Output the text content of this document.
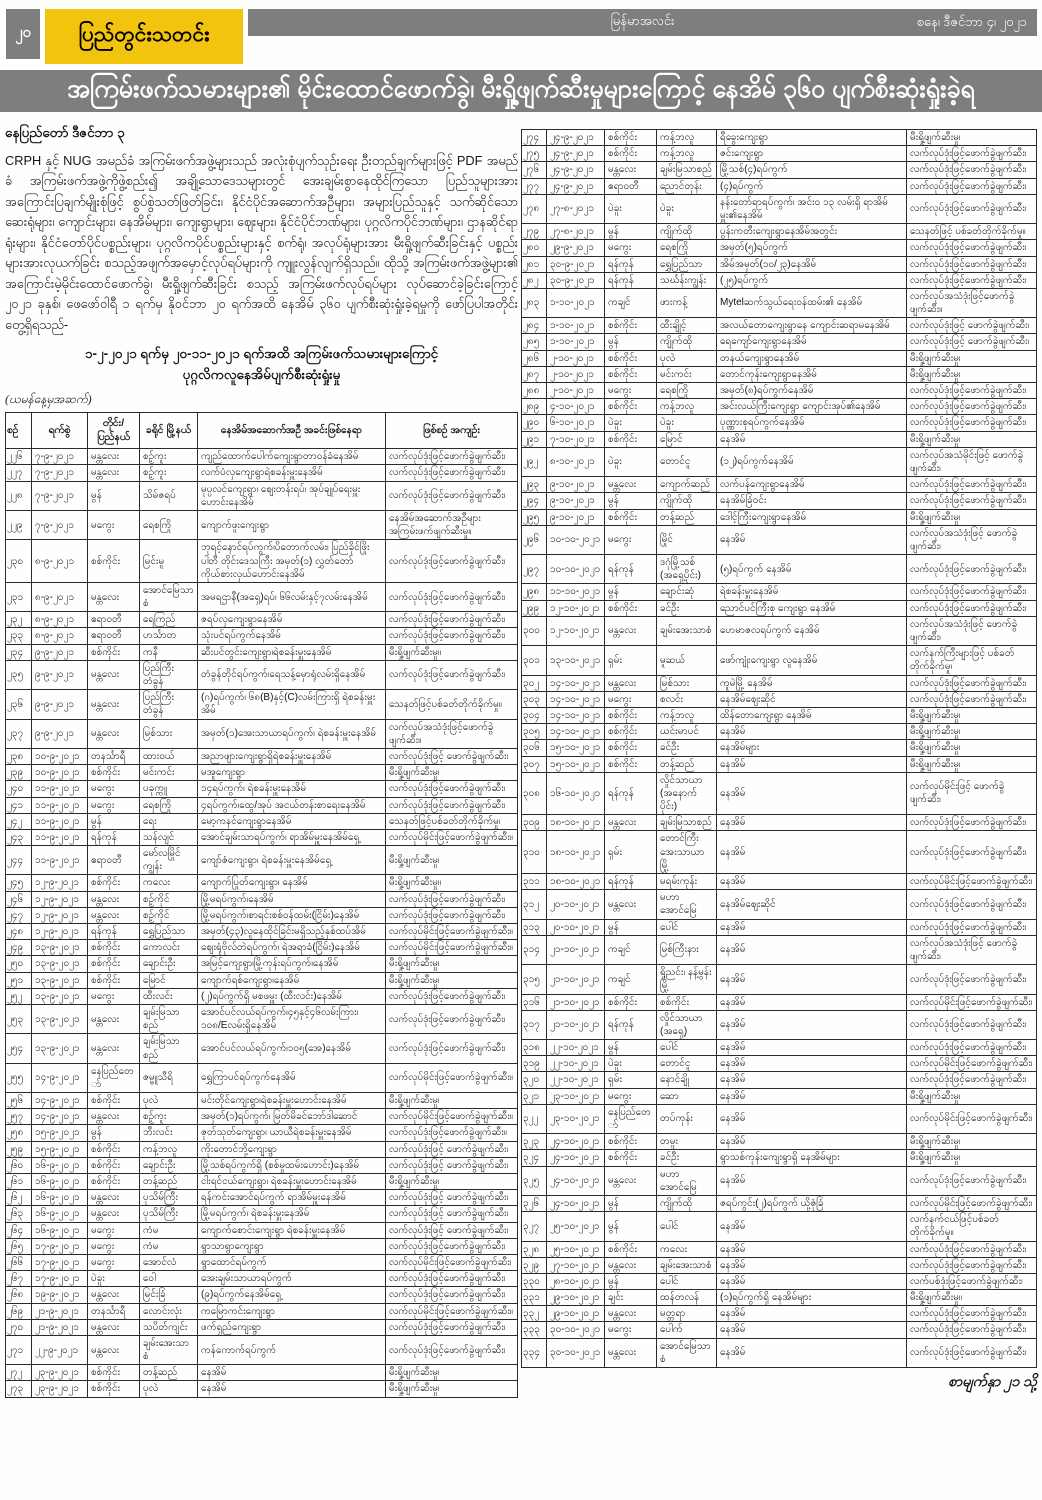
၂၀ ပြည်တွင်းသတင်း
မြန်မာအလင်း	စနေ၊ ဒီဇင်ဘာ ၄၊ ၂၀၂၁
အကြမ်းဖက်သမားများ၏ မိုင်းထောင်ဖောက်ခွဲ၊ မီးရှို့ဖျက်ဆီးမှုများကြောင့် နေအိမ် ၃၆၀ ပျက်စီးဆုံးရှုံးခဲ့ရ
နေပြည်တော် ဒီဇင်ဘာ ၃
CRPH နှင့် NUG အမည်ခံ အကြမ်းဖက်အဖွဲ့များသည် အလုံးစုံပျက်သုဉ်းရေး ဦးတည်ချက်များဖြင့် PDF အမည်ခံ အကြမ်းဖက်အဖွဲ့ကိုဖွဲ့စည်း၍ အချို့သောဒေသများတွင် အေးချမ်းစွာနေထိုင်ကြသော ပြည်သူများအား အကြောင်းပြချက်မျိုးစုံဖြင့် စွပ်စွဲသတ်ဖြတ်ခြင်း၊ နိုင်ငံပိုင်အဆောက်အဦများ၊ အများပြည်သူနှင့် သက်ဆိုင်သော ဆေးရုံများ၊ ကျောင်းများ၊ နေအိမ်များ၊ ကျေးရွာများ၊ ဈေးများ၊ နိုင်ငံပိုင်ဘဏ်များ၊ ပုဂ္ဂလိကပိုင်ဘဏ်များ၊ ဌာနဆိုင်ရာရုံးများ၊ နိုင်ငံတော်ပိုင်ပစ္စည်းများ၊ ပုဂ္ဂလိကပိုင်ပစ္စည်းများနှင့် စက်ရုံ၊ အလုပ်ရုံများအား မီးရှို့ဖျက်ဆီးခြင်းနှင့် ပစ္စည်းများအားလုယက်ခြင်း စသည့်အဖျက်အမှောင့်လုပ်ရပ်များကို ကျူးလွန်လျက်ရှိသည်။ ထိုသို့ အကြမ်းဖက်အဖွဲ့များ၏ အကြောင်းမဲ့မိုင်းထောင်ဖောက်ခွဲ၊ မီးရှို့ဖျက်ဆီးခြင်း စသည့် အကြမ်းဖက်လုပ်ရပ်များ လုပ်ဆောင်ခဲ့ခြင်းကြောင့် ၂၀၂၁ ခုနှစ်၊ ဖေဖော်ဝါရီ ၁ ရက်မှ နိုဝင်ဘာ ၂၀ ရက်အထိ နေအိမ် ၃၆၀ ပျက်စီးဆုံးရှုံးခဲ့ရမှုကို ဖော်ပြပါအတိုင်း တွေ့ရှိရသည်-
၁-၂-၂၀၂၁ ရက်မှ ၂၀-၁၁-၂၀၂၁ ရက်အထိ အကြမ်းဖက်သမားများကြောင့်
ပုဂ္ဂလိကလူနေအိမ်ပျက်စီးဆုံးရှုံးမှု
(ယမန်နေ့မှအဆက်)
စဉ်	ရက်စွဲ	တိုင်း/ ပြည်နယ်	ခရိုင် မြို့နယ်	နေအိမ်အဆောက်အဦ အခင်းဖြစ်နေရာ	ဖြစ်စဉ် အကျဉ်း
၂၂၆	၇-၉-၂၀၂၁	မန္တလေး	စဉ့်ကူး	ကျည်ထောက်ပေါက်ကျေးရွာတာဝန်ခံနေအိမ်	လက်လုပ်ဒုံးဖြင့်ဖောက်ခွဲဖျက်ဆီး၊
၂၂၇	၇-၉-၂၀၂၁	မန္တလေး	စဉ့်ကူး	လက်ပံလှကျေးရွာရဲစခန်းမှူးနေအိမ်	လက်လုပ်ဒုံးဖြင့်ဖောက်ခွဲဖျက်ဆီး၊
၂၂၈	၇-၉-၂၀၂၁	မွန်	သိမ်ဇရပ်	မုပ္ပလင်ကျေးရွာ၊ ဈေးတန်းရပ်၊ အုပ်ချုပ်ရေးမှူးဟောင်းနေအိမ်	လက်လုပ်ဒုံးဖြင့်ဖောက်ခွဲဖျက်ဆီး၊
၂၂၉	၇-၉-၂၀၂၁	မကွေး	ရေစကြို	ကျောက်ဖူးကျေးရွာ	နေအိမ်အဆောက်အဦများ အကြမ်းဖက်ဖျက်ဆီးမှု။
၂၃၀	၈-၉-၂၀၂၁	စစ်ကိုင်း	မြင်းမူ	ဘုရင့်နောင်ရပ်ကွက်၊ပိတောက်လမ်း၊ ပြည်ခိုင်ဖြိုးပါတီ တိုင်းဒေသကြီး အမှတ်(၁) လွှတ်တော်ကိုယ်စားလှယ်ဟောင်းနေအိမ်	လက်လုပ်ဒုံးဖြင့်ဖောက်ခွဲဖျက်ဆီး၊
၂၃၁	၈-၉-၂၀၂၁	မန္တလေး	အောင်မြေသာစံ	အမရဌာနီ(အရှေ့)ရပ်၊ ၆၆လမ်းနှင့်၇လမ်းနေအိမ်	လက်လုပ်ဒုံးဖြင့်ဖောက်ခွဲဖျက်ဆီး၊
၂၃၂	၈-၉-၂၀၂၁	ဧရာဝတီ	ရေကြည်	ဇရပ်လှကျေးရွာနေအိမ်	လက်လုပ်ဒုံးဖြင့်ဖောက်ခွဲဖျက်ဆီး၊
၂၃၃	၈-၉-၂၀၂၁	ဧရာဝတီ	ဟင်္သာတ	သုံးပင်ရပ်ကွက်နေအိမ်	လက်လုပ်ဒုံးဖြင့်ဖောက်ခွဲဖျက်ဆီး၊
၂၃၄	၉-၉-၂၀၂၁	စစ်ကိုင်း	ကနီ	ဆီးပင်တွင်းကျေးရွာ၊ရဲစခန်းမှူးနေအိမ်	မီးရှို့ဖျက်ဆီးမှု။
၂၃၅	၉-၉-၂၀၂၁	မန္တလေး	ပြည်ကြီးတံခွန်	တံခွန်တိုင်ရပ်ကွက်၊ရေသန့်မှောရုံလမ်းရှိနေအိမ်	လက်လုပ်ဒုံးဖြင့်ဖောက်ခွဲဖျက်ဆီး၊
၂၃၆	၉-၉-၂၀၂၁	မန္တလေး	ပြည်ကြီးတံခွန်	(ဂ)ရပ်ကွက်၊ ၆၈(B)နှင့်(C)လမ်းကြားရှိ ရဲစခန်းမှူးအိမ်	သေနတ်ဖြင့်ပစ်ခတ်တိုက်ခိုက်မှု။
၂၃၇	၉-၉-၂၀၂၁	မန္တလေး	မြစ်သား	အမှတ်(၁)အေးသာယာရပ်ကွက်၊ ရဲစခန်းမှူးနေအိမ်	လက်လုပ်အသံဒုံးဖြင့်ဖောက်ခွဲဖျက်ဆီး။
၂၃၈	၁၀-၉-၂၀၂၁	တနင်္သာရီ	ထားဝယ်	အညာဖျားကျေးရွာရှိရဲစခန်းမှူးနေအိမ်	လက်လုပ်ဒုံးဖြင့် ဖောက်ခွဲဖျက်ဆီး၊
၂၃၉	၁၀-၉-၂၀၂၁	စစ်ကိုင်း	မင်းကင်း	မအူကျေးရွာ	မီးရှို့ဖျက်ဆီးမှု၊
၂၄၀	၁၁-၉-၂၀၂၁	မကွေး	ပခုက္ကူ	၁၄ရပ်ကွက်၊ ရဲစခန်းမှူးနေအိမ်	လက်လုပ်ဒုံးဖြင့်ဖောက်ခွဲဖျက်ဆီး၊
၂၄၁	၁၁-၉-၂၀၂၁	မကွေး	ရေစကြို	၄ရပ်ကွက်၊ထွေ/အုပ် အငယ်တန်းစာရေးနေအိမ်	လက်လုပ်ဒုံးဖြင့်ဖောက်ခွဲဖျက်ဆီး၊
၂၄၂	၁၁-၉-၂၀၂၁	မွန်	ရေး	မော့ကနင်ကျေးရွာနေအိမ်	သေနတ်ဖြင့်ပစ်ခတ်တိုက်ခိုက်မှု၊
၂၄၃	၁၁-၉-၂၀၂၁	ရန်ကုန်	သန်လျင်	အောင်ချမ်းသာရပ်ကွက်၊ ရာအိမ်မှူးနေအိမ်ရှေ့	လက်လုပ်မိုင်းဖြင့်ဖောက်ခွဲဖျက်ဆီး။
၂၄၄	၁၁-၉-၂၀၂၁	ဧရာဝတီ	မော်လမြိုင်ကျွန်း	ကျော်ဇံကျေးရွာ၊ ရဲစခန်းမှူးနေအိမ်ရှေ့	မီးရှို့ဖျက်ဆီးမှု၊
၂၄၅	၁၂-၉-၂၀၂၁	စစ်ကိုင်း	ကလေး	ကျောက်ပြုတ်ကျေးရွာ၊ နေအိမ်	မီးရှို့ဖျက်ဆီးမှု။
၂၄၆	၁၂-၉-၂၀၂၁	မန္တလေး	စဉ့်ကိုင်	မြို့မရပ်ကွက်၊နေအိမ်	လက်လုပ်ဒုံးဖြင့်ဖောက်ခွဲဖျက်ဆီး၊
၂၄၇	၁၂-၉-၂၀၂၁	မန္တလေး	စဉ့်ကိုင်	မြို့မရပ်ကွက်၊စာရင်းစစ်ဝန်ထမ်း(ငြိမ်း)နေအိမ်	လက်လုပ်ဒုံးဖြင့်ဖောက်ခွဲဖျက်ဆီး၊
၂၄၈	၁၂-၉-၂၀၂၁	ရန်ကုန်	ရွှေပြည်သာ	အမှတ်(၄၃)လူနေထိုင်ခြင်းမရှိသည့်နှစ်ထပ်အိမ်	လက်လုပ်မိုင်းဖြင့်ဖောက်ခွဲဖျက်ဆီး။
၂၄၉	၁၃-၉-၂၀၂၁	စစ်ကိုင်း	ကောလင်း	ဈေးရုံဗိုလ်တဲရပ်ကွက်၊ ရဲအရာခံ(ငြိမ်း)နေအိမ်	လက်လုပ်မိုင်းဖြင့်ဖောက်ခွဲဖျက်ဆီး။
၂၅၀	၁၃-၉-၂၀၂၁	စစ်ကိုင်း	ချောင်းဦး	အမြင့်ကျေးရွာ၊မြို့ကုန်းရပ်ကွက်၊နေအိမ်	မီးရှို့ဖျက်ဆီးမှု၊
၂၅၁	၁၃-၉-၂၀၂၁	စစ်ကိုင်း	မြောင်	ကျောက်ရစ်ကျေးရွာ၊နေအိမ်	မီးရှို့ဖျက်ဆီးမှု၊
၂၅၂	၁၃-၉-၂၀၂၁	မကွေး	ထီးလင်း	(၂)ရပ်ကွက်ရှိ မစဖမှူး (ထီးလင်း)နေအိမ်	လက်လုပ်ဒုံးဖြင့်ဖောက်ခွဲဖျက်ဆီး၊
၂၅၃	၁၃-၉-၂၀၂၁	မန္တလေး	ချမ်းမြသာစည်	အောင်ပင်လယ်ရပ်ကွက်၊၄၅နှင့်၄၆လမ်းကြား၊ ၁၀၈/Eလမ်းရှိနေအိမ်	လက်လုပ်ဒုံးဖြင့်ဖောက်ခွဲဖျက်ဆီး၊
၂၅၄	၁၃-၉-၂၀၂၁	မန္တလေး	ချမ်းမြသာစည်	အောင်ပင်လယ်ရပ်ကွက်၊၁၀၅(အေ)နေအိမ်	လက်လုပ်ဒုံးဖြင့်ဖောက်ခွဲဖျက်ဆီး၊
၂၅၅	၁၄-၉-၂၀၂၁	နေပြည်တော်	ဇမ္ဗူသီရိ	ရွှေကြာပင်ရပ်ကွက်နေအိမ်	လက်လုပ်မိုင်းဖြင့်ဖောက်ခွဲဖျက်ဆီး။
၂၅၆	၁၄-၉-၂၀၂၁	စစ်ကိုင်း	ပုလဲ	မင်းတိုင်ကျေးရွာ၊ရဲစခန်းမှူးဟောင်းနေအိမ်	မီးရှို့ဖျက်ဆီးမှု၊
၂၅၇	၁၄-၉-၂၀၂၁	မန္တလေး	စဉ့်ကူး	အမှတ်(၁)ရပ်ကွက်၊ မြတ်မိခင်ဘော်ဒါဆောင်	လက်လုပ်မိုင်းဖြင့်ဖောက်ခွဲဖျက်ဆီး။
၂၅၈	၁၅-၉-၂၀၂၁	မွန်	ဘီးလင်း	ဇုတ်သုတ်ကျေးရွာ၊ ယာယီရဲစခန်းမှူးနေအိမ်	လက်လုပ်ဒုံးဖြင့်ဖောက်ခွဲဖျက်ဆီး။
၂၅၉	၁၅-၉-၂၀၂၁	စစ်ကိုင်း	ကန့်ဘလူ	ကိုးတောင်ဘို့ကျေးရွာ	လက်လုပ်ဒုံးဖြင့် ဖောက်ခွဲဖျက်ဆီး၊
၂၆၀	၁၆-၉-၂၀၂၁	စစ်ကိုင်း	ချောင်းဦး	မြို့သစ်ရပ်ကွက်ရှိ (စစ်မှုထမ်းဟောင်း)နေအိမ်	လက်လုပ်ဒုံးဖြင့် ဖောက်ခွဲဖျက်ဆီး၊
၂၆၁	၁၆-၉-၂၀၂၁	စစ်ကိုင်း	တန့်ဆည်	ငါးရင်ငယ်ကျေးရွာ၊ ရဲစခန်းမှူးဟောင်းနေအိမ်	မီးရှို့ဖျက်ဆီးမှု၊
၂၆၂	၁၆-၉-၂၀၂၁	မန္တလေး	ပုသိမ်ကြီး	ရန်ကင်းအောင်ရပ်ကွက် ရာအိမ်မှူးနေအိမ်	လက်လုပ်ဒုံးဖြင့် ဖောက်ခွဲဖျက်ဆီး၊
၂၆၃	၁၆-၉-၂၀၂၁	မန္တလေး	ပုသိမ်ကြီး	မြို့မရပ်ကွက်၊ ရဲစခန်းမှူးနေအိမ်	လက်လုပ်ဒုံးဖြင့် ဖောက်ခွဲဖျက်ဆီး၊
၂၆၄	၁၆-၉-၂၀၂၁	မကွေး	ကံမ	ကျောက်စောင်းကျေးရွာ ရဲစခန်းမှူးနေအိမ်	လက်လုပ်ဒုံးဖြင့် ဖောက်ခွဲဖျက်ဆီး၊
၂၆၅	၁၇-၉-၂၀၂၁	မကွေး	ကံမ	ရွာသာရွာကျေးရွာ	လက်လုပ်ဒုံးဖြင့်ဖောက်ခွဲဖျက်ဆီး၊
၂၆၆	၁၇-၉-၂၀၂၁	မကွေး	အောင်လံ	ရွာထောင်ရပ်ကွက်	လက်လုပ်မိုင်းဖြင့်ဖောက်ခွဲဖျက်ဆီး၊
၂၆၇	၁၇-၉-၂၀၂၁	ပဲခူး	ဝေါ	အေးချမ်းသာယာရပ်ကွက်	လက်လုပ်ဒုံးဖြင့်ဖောက်ခွဲဖျက်ဆီး၊
၂၆၈	၁၉-၉-၂၀၂၁	မန္တလေး	မြင်းခြံ	(၉)ရပ်ကွက်နေအိမ်ရှေ့	လက်လုပ်ဒုံးဖြင့်ဖောက်ခွဲဖျက်ဆီး၊
၂၆၉	၂၁-၉-၂၀၂၁	တနင်္သာရီ	လောင်းလုံး	ကမြောကင်းကျေးရွာ	လက်လုပ်မိုင်းဖြင့်ဖောက်ခွဲဖျက်ဆီး။
၂၇၀	၂၁-၉-၂၀၂၁	မန္တလေး	သပိတ်ကျင်း	ဖက်ရှည်ကျေးရွာ	လက်လုပ်ဒုံးဖြင့်ဖောက်ခွဲဖျက်ဆီး၊
၂၇၁	၂၂-၉-၂၀၂၁	မန္တလေး	ချမ်းအေးသာစံ	ကန်ကောက်ရပ်ကွက်	လက်လုပ်ဒုံးဖြင့်ဖောက်ခွဲဖျက်ဆီး၊
၂၇၂	၂၃-၉-၂၀၂၁	စစ်ကိုင်း	တန့်ဆည်	နေအိမ်	မီးရှို့ဖျက်ဆီးမှု၊
၂၇၃	၂၃-၉-၂၀၂၁	စစ်ကိုင်း	ပုလဲ	နေအိမ်	မီးရှို့ဖျက်ဆီးမှု၊
၂၇၄	၂၄-၉-၂၀၂၁	စစ်ကိုင်း	ကန့်ဘလူ	ရီခွေးကျေးရွာ	မီးရှို့ဖျက်ဆီးမှု၊
၂၇၅	၂၄-၉-၂၀၂၁	စစ်ကိုင်း	ကန့်ဘလူ	ဇင်းကျေးရွာ	လက်လုပ်ဒုံးဖြင့်ဖောက်ခွဲဖျက်ဆီး၊
၂၇၆	၂၄-၉-၂၀၂၁	မန္တလေး	ချမ်းမြသာစည်	မြို့သစ်(၄)ရပ်ကွက်	လက်လုပ်ဒုံးဖြင့်ဖောက်ခွဲဖျက်ဆီး၊
၂၇၇	၂၄-၉-၂၀၂၁	ဧရာဝတီ	ညောင်တုန်း	(၄)ရပ်ကွက်	လက်လုပ်ဒုံးဖြင့်ဖောက်ခွဲဖျက်ဆီး၊
၂၇၈	၂၇-၈-၂၀၂၁	ပဲခူး	ပဲခူး	နန်းတော်ရာရပ်ကွက်၊ အင်းဝ ၁၃ လမ်းရှိ ရာအိမ်မှူး၏နေအိမ်	လက်လုပ်ဒုံးဖြင့်ဖောက်ခွဲဖျက်ဆီး၊
၂၇၉	၂၇-၈-၂၀၂၁	မွန်	ကျိုက်ထို	ပွန်းကတီးကျေးရွာနေအိမ်အတွင်း	သေနတ်ဖြင့် ပစ်ခတ်တိုက်ခိုက်မှု။
၂၈၀	၂၉-၉-၂၀၂၁	မကွေး	ရေစကြို	အမှတ်(၅)ရပ်ကွက်	လက်လုပ်ဒုံးဖြင့်ဖောက်ခွဲဖျက်ဆီး၊
၂၈၁	၃၀-၉-၂၀၂၁	ရန်ကုန်	ရွှေပြည်သာ	အိမ်အမှတ်(၁၀/၂၃)နေအိမ်	လက်လုပ်ဒုံးဖြင့်ဖောက်ခွဲဖျက်ဆီး၊
၂၈၂	၃၀-၉-၂၀၂၁	ရန်ကုန်	သင်္ဃန်းကျွန်း	(၂၅)ရပ်ကွက်	လက်လုပ်ဒုံးဖြင့်ဖောက်ခွဲဖျက်ဆီး၊
၂၈၃	၁-၁၀-၂၀၂၁	ကချင်	ဖားကန့်	Mytelဆက်သွယ်ရေးဝန်ထမ်း၏ နေအိမ်	လက်လုပ်အသံဒုံးဖြင့်ဖောက်ခွဲဖျက်ဆီး။
၂၈၄	၁-၁၀-၂၀၂၁	စစ်ကိုင်း	ထီးချိုင့်	အလယ်တောကျေးရွာနေ ကျောင်းဆရာမနေအိမ်	လက်လုပ်ဒုံးဖြင့် ဖောက်ခွဲဖျက်ဆီး၊
၂၈၅	၁-၁၀-၂၀၂၁	မွန်	ကျိုက်ထို	ရေကျော်ကျေးရွာနေအိမ်	လက်လုပ်ဒုံးဖြင့် ဖောက်ခွဲဖျက်ဆီး၊
၂၈၆	၂-၁၀-၂၀၂၁	စစ်ကိုင်း	ပုလဲ	တနယ်ကျေးရွာနေအိမ်	မီးရှို့ဖျက်ဆီးမှု၊
၂၈၇	၂-၁၀-၂၀၂၁	စစ်ကိုင်း	မင်းကင်း	တောင်ကုန်းကျေးရွာနေအိမ်	မီးရှို့ဖျက်ဆီးမှု၊
၂၈၈	၂-၁၀-၂၀၂၁	မကွေး	ရေစကြို	အမှတ်(၈)ရပ်ကွက်နေအိမ်	လက်လုပ်ဒုံးဖြင့်ဖောက်ခွဲဖျက်ဆီး၊
၂၈၉	၄-၁၀-၂၀၂၁	စစ်ကိုင်း	ကန့်ဘလူ	အင်းလယ်ကြီးကျေးရွာ ကျောင်းအုပ်၏နေအိမ်	လက်လုပ်ဒုံးဖြင့်ဖောက်ခွဲဖျက်ဆီး၊
၂၉၀	၆-၁၀-၂၀၂၁	ပဲခူး	ပဲခူး	ပုဏ္ဏားစုရပ်ကွက်နေအိမ်	လက်လုပ်ဒုံးဖြင့်ဖောက်ခွဲဖျက်ဆီး၊
၂၉၁	၇-၁၀-၂၀၂၁	စစ်ကိုင်း	မြောင်	နေအိမ်	မီးရှို့ဖျက်ဆီးမှု၊
၂၉၂	၈-၁၀-၂၀၂၁	ပဲခူး	တောင်ငူ	(၁၂)ရပ်ကွက်နေအိမ်	လက်လုပ်အသံမိုင်းဖြင့် ဖောက်ခွဲဖျက်ဆီး၊
၂၉၃	၉-၁၀-၂၀၂၁	မန္တလေး	ကျောက်ဆည်	လက်ပန်ကျေးရွာနေအိမ်	လက်လုပ်ဒုံးဖြင့်ဖောက်ခွဲဖျက်ဆီး၊
၂၉၄	၉-၁၀-၂၀၂၁	မွန်	ကျိုက်ထို	နေအိမ်ခြံဝင်း	လက်လုပ်ဒုံးဖြင့်ဖောက်ခွဲဖျက်ဆီး၊
၂၉၅	၉-၁၀-၂၀၂၁	စစ်ကိုင်း	တန့်ဆည်	ဒေါင့်ကြီးကျေးရွာနေအိမ်	မီးရှို့ဖျက်ဆီးမှု၊
၂၉၆	၁၀-၁၀-၂၀၂၁	မကွေး	မြိုင်	နေအိမ်	လက်လုပ်အသံဒုံးဖြင့် ဖောက်ခွဲဖျက်ဆီး၊
၂၉၇	၁၀-၁၀-၂၀၂၁	ရန်ကုန်	ဒဂုံမြို့သစ် (အရှေ့ပိုင်း)	(၅)ရပ်ကွက် နေအိမ်	လက်လုပ်ဒုံးဖြင့်ဖောက်ခွဲဖျက်ဆီး၊
၂၉၈	၁၁-၁၀-၂၀၂၁	မွန်	ချောင်းဆုံ	ရဲစခန်းမှူးနေအိမ်	လက်လုပ်ဒုံးဖြင့်ဖောက်ခွဲဖျက်ဆီး၊
၂၉၉	၁၂-၁၀-၂၀၂၁	စစ်ကိုင်း	ခင်ဦး	ညောင်ပင်ကြီးစု ကျေးရွာ နေအိမ်	လက်လုပ်ဒုံးဖြင့်ဖောက်ခွဲဖျက်ဆီး၊
၃၀၀	၁၂-၁၀-၂၀၂၁	မန္တလေး	ချမ်းအေးသာစံ	ဟေမာဇလရပ်ကွက် နေအိမ်	လက်လုပ်အသံဒုံးဖြင့် ဖောက်ခွဲဖျက်ဆီး၊
၃၀၁	၁၃-၁၀-၂၀၂၁	ရှမ်း	မူဆယ်	ဖော်ကျုံးကျေးရွာ လူနေအိမ်	လက်နက်ကြီးများဖြင့် ပစ်ခတ်တိုက်ခိုက်မှု၊
၃၀၂	၁၄-၁၀-၂၀၂၁	မန္တလေး	မြစ်သား	ကူမဲမြို့ နေအိမ်	လက်လုပ်ဒုံးဖြင့်ဖောက်ခွဲဖျက်ဆီး၊
၃၀၃	၁၄-၁၀-၂၀၂၁	မကွေး	စလင်း	နေအိမ်ဈေးဆိုင်	လက်လုပ်ဒုံးဖြင့်ဖောက်ခွဲဖျက်ဆီး၊
၃၀၄	၁၄-၁၀-၂၀၂၁	စစ်ကိုင်း	ကန့်ဘလူ	ထိန်တောကျေးရွာ နေအိမ်	မီးရှို့ဖျက်ဆီးမှု၊
၃၀၅	၁၄-၁၀-၂၀၂၁	စစ်ကိုင်း	ယင်းမာပင်	နေအိမ်	မီးရှို့ဖျက်ဆီးမှု၊
၃၀၆	၁၅-၁၀-၂၀၂၁	စစ်ကိုင်း	ခင်ဦး	နေအိမ်များ	မီးရှို့ဖျက်ဆီးမှု၊
၃၀၇	၁၅-၁၀-၂၀၂၁	စစ်ကိုင်း	တန့်ဆည်	နေအိမ်	မီးရှို့ဖျက်ဆီးမှု၊
၃၀၈	၁၆-၁၀-၂၀၂၁	ရန်ကုန်	လှိုင်သာယာ (အနောက်ပိုင်း)	နေအိမ်	လက်လုပ်မိုင်းဖြင့် ဖောက်ခွဲဖျက်ဆီး၊
၃၀၉	၁၈-၁၀-၂၀၂၁	မန္တလေး	ချမ်းမြသာစည်	နေအိမ်	လက်လုပ်ဒုံးဖြင့်ဖောက်ခွဲဖျက်ဆီး၊
၃၁၀	၁၈-၁၀-၂၀၂၁	ရှမ်း	တောင်ကြီး အေးသာယာမြို့	နေအိမ်	လက်လုပ်ဒုံးဖြင့်ဖောက်ခွဲဖျက်ဆီး၊
၃၁၁	၁၈-၁၀-၂၀၂၁	ရန်ကုန်	မရမ်းကုန်း	နေအိမ်	လက်လုပ်မိုင်းဖြင့်ဖောက်ခွဲဖျက်ဆီး၊
၃၁၂	၂၀-၁၀-၂၀၂၁	မန္တလေး	မဟာအောင်မြေ	နေအိမ်ဈေးဆိုင်	လက်လုပ်ဒုံးဖြင့်ဖောက်ခွဲဖျက်ဆီး၊
၃၁၃	၂၀-၁၀-၂၀၂၁	မွန်	ပေါင်	နေအိမ်	လက်လုပ်ဒုံးဖြင့်ဖောက်ခွဲဖျက်ဆီး၊
၃၁၄	၂၁-၁၀-၂၀၂၁	ကချင်	မြစ်ကြီးနား	နေအိမ်	လက်လုပ်အသံဒုံးဖြင့် ဖောက်ခွဲဖျက်ဆီး၊
၃၁၅	၂၁-၁၀-၂၀၂၁	ကချင်	ရှိုညင်း၊ နန့်မွန်းမြို့	နေအိမ်	လက်လုပ်ဒုံးဖြင့်ဖောက်ခွဲဖျက်ဆီး၊
၃၁၆	၂၁-၁၀-၂၀၂၁	စစ်ကိုင်း	စစ်ကိုင်း	နေအိမ်	လက်လုပ်မိုင်းဖြင့်ဖောက်ခွဲဖျက်ဆီး၊
၃၁၇	၂၁-၁၀-၂၀၂၁	ရန်ကုန်	လှိုင်သာယာ (အရှေ့)	နေအိမ်	လက်လုပ်ဒုံးဖြင့်ဖောက်ခွဲဖျက်ဆီး၊
၃၁၈	၂၂-၁၀-၂၀၂၁	မွန်	ပေါင်	နေအိမ်	လက်လုပ်ဒုံးဖြင့်ဖောက်ခွဲဖျက်ဆီး၊
၃၁၉	၂၂-၁၀-၂၀၂၁	ပဲခူး	တောင်ငူ	နေအိမ်	လက်လုပ်မိုင်းဖြင့်ဖောက်ခွဲဖျက်ဆီး၊
၃၂၀	၂၂-၁၀-၂၀၂၁	ရှမ်း	နောင်ချို	နေအိမ်	လက်လုပ်ဒုံးဖြင့်ဖောက်ခွဲဖျက်ဆီး၊
၃၂၁	၂၃-၁၀-၂၀၂၁	မကွေး	ဆော	နေအိမ်	မီးရှို့ဖျက်ဆီးမှု၊
၃၂၂	၂၃-၁၀-၂၀၂၁	နေပြည်တော်	တပ်ကုန်း	နေအိမ်	လက်လုပ်မိုင်းဖြင့်ဖောက်ခွဲဖျက်ဆီး၊
၃၂၃	၂၄-၁၀-၂၀၂၁	စစ်ကိုင်း	တမူး	နေအိမ်	မီးရှို့ဖျက်ဆီးမှု၊
၃၂၄	၂၄-၁၀-၂၀၂၁	စစ်ကိုင်း	ခင်ဦး	ရွာသစ်ကုန်းကျေးရွာရှိ နေအိမ်များ	မီးရှို့ဖျက်ဆီးမှု၊
၃၂၅	၂၄-၁၀-၂၀၂၁	မန္တလေး	မဟာအောင်မြေ	နေအိမ်	လက်လုပ်ဒုံးဖြင့်ဖောက်ခွဲဖျက်ဆီး၊
၃၂၆	၂၄-၁၀-၂၀၂၁	မွန်	ကျိုက်ထို	ဇရပ်ကွင်း(၂)ရပ်ကွက် ယို့ဇုံခြံ	လက်လုပ်မိုင်းဖြင့်ဖောက်ခွဲဖျက်ဆီး၊
၃၂၇	၂၅-၁၀-၂၀၂၁	မွန်	ပေါင်	နေအိမ်	လက်နက်ငယ်ဖြင့်ပစ်ခတ်တိုက်ခိုက်မှု။
၃၂၈	၂၅-၁၀-၂၀၂၁	စစ်ကိုင်း	ကလေး	နေအိမ်	လက်လုပ်ဒုံးဖြင့်ဖောက်ခွဲဖျက်ဆီး၊
၃၂၉	၂၇-၁၀-၂၀၂၁	မန္တလေး	ချမ်းအေးသာစံ	နေအိမ်	လက်လုပ်ဒုံးဖြင့်ဖောက်ခွဲဖျက်ဆီး၊
၃၃၀	၂၈-၁၀-၂၀၂၁	မွန်	ပေါင်	နေအိမ်	လက်ပစ်ဒုံးဖြင့်ဖောက်ခွဲဖျက်ဆီး၊
၃၃၁	၂၉-၁၀-၂၀၂၁	ချင်း	ထန်တလန်	(၁)ရပ်ကွက်ရှိ နေအိမ်များ	မီးရှို့ဖျက်ဆီးမှု။
၃၃၂	၂၉-၁၀-၂၀၂၁	မန္တလေး	မတ္တရာ	နေအိမ်	လက်လုပ်ဒုံးဖြင့်ဖောက်ခွဲဖျက်ဆီး၊
၃၃၃	၃၀-၁၀-၂၀၂၁	မကွေး	ပေါက်	နေအိမ်	လက်လုပ်ဒုံးဖြင့်ဖောက်ခွဲဖျက်ဆီး၊
၃၃၄	၃၀-၁၀-၂၀၂၁	မန္တလေး	အောင်မြေသာစံ	နေအိမ်	လက်လုပ်ဒုံးဖြင့်ဖောက်ခွဲဖျက်ဆီး၊
စာမျက်နှာ ၂၁ သို့
